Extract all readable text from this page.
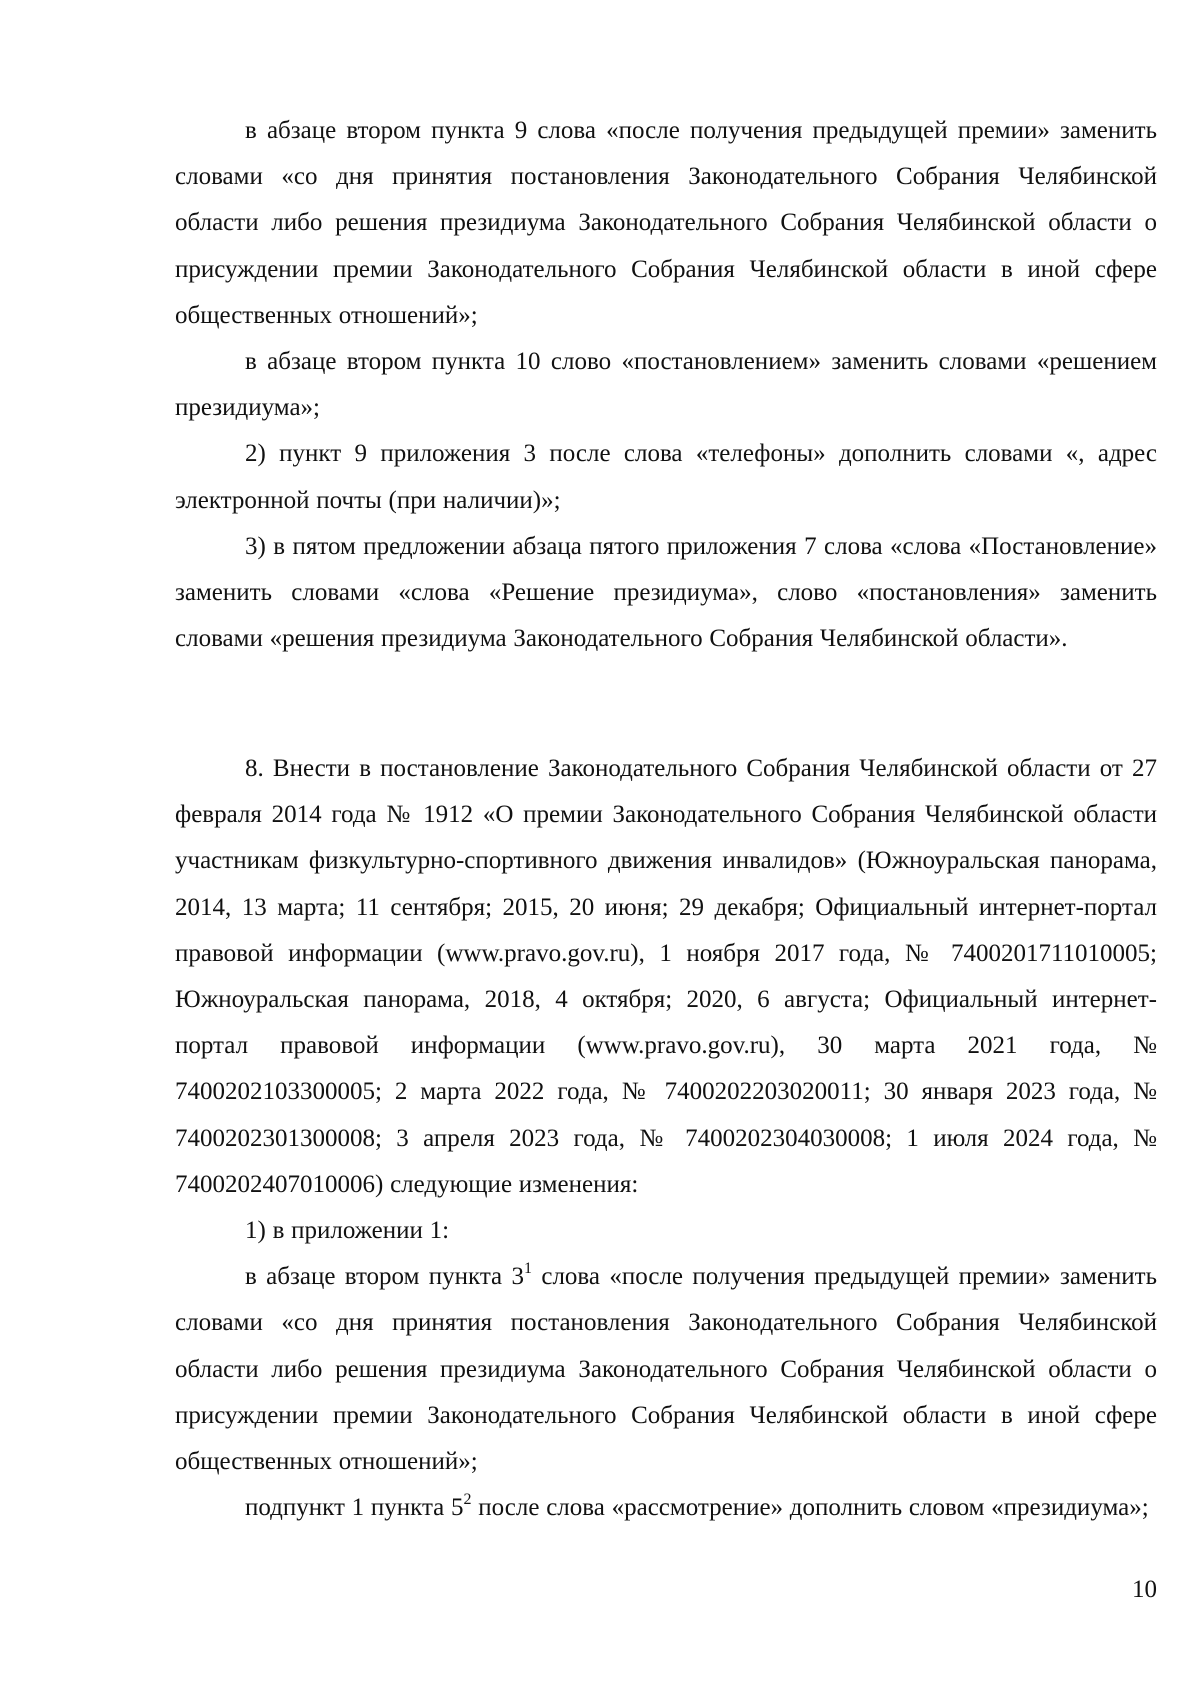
в абзаце втором пункта 9 слова «после получения предыдущей премии» заменить словами «со дня принятия постановления Законодательного Собрания Челябинской области либо решения президиума Законодательного Собрания Челябинской области о присуждении премии Законодательного Собрания Челябинской области в иной сфере общественных отношений»;

в абзаце втором пункта 10 слово «постановлением» заменить словами «решением президиума»;

2) пункт 9 приложения 3 после слова «телефоны» дополнить словами «, адрес электронной почты (при наличии)»;

3) в пятом предложении абзаца пятого приложения 7 слова «слова «Постановление» заменить словами «слова «Решение президиума», слово «постановления» заменить словами «решения президиума Законодательного Собрания Челябинской области».

8. Внести в постановление Законодательного Собрания Челябинской области от 27 февраля 2014 года № 1912 «О премии Законодательного Собрания Челябинской области участникам физкультурно-спортивного движения инвалидов» (Южноуральская панорама, 2014, 13 марта; 11 сентября; 2015, 20 июня; 29 декабря; Официальный интернет-портал правовой информации (www.pravo.gov.ru), 1 ноября 2017 года, № 7400201711010005; Южноуральская панорама, 2018, 4 октября; 2020, 6 августа; Официальный интернет-портал правовой информации (www.pravo.gov.ru), 30 марта 2021 года, № 7400202103300005; 2 марта 2022 года, № 7400202203020011; 30 января 2023 года, № 7400202301300008; 3 апреля 2023 года, № 7400202304030008; 1 июля 2024 года, № 7400202407010006) следующие изменения:

1) в приложении 1:

в абзаце втором пункта $3^1$ слова «после получения предыдущей премии» заменить словами «со дня принятия постановления Законодательного Собрания Челябинской области либо решения президиума Законодательного Собрания Челябинской области о присуждении премии Законодательного Собрания Челябинской области в иной сфере общественных отношений»;

подпункт 1 пункта $5^2$ после слова «рассмотрение» дополнить словом «президиума»;

10
